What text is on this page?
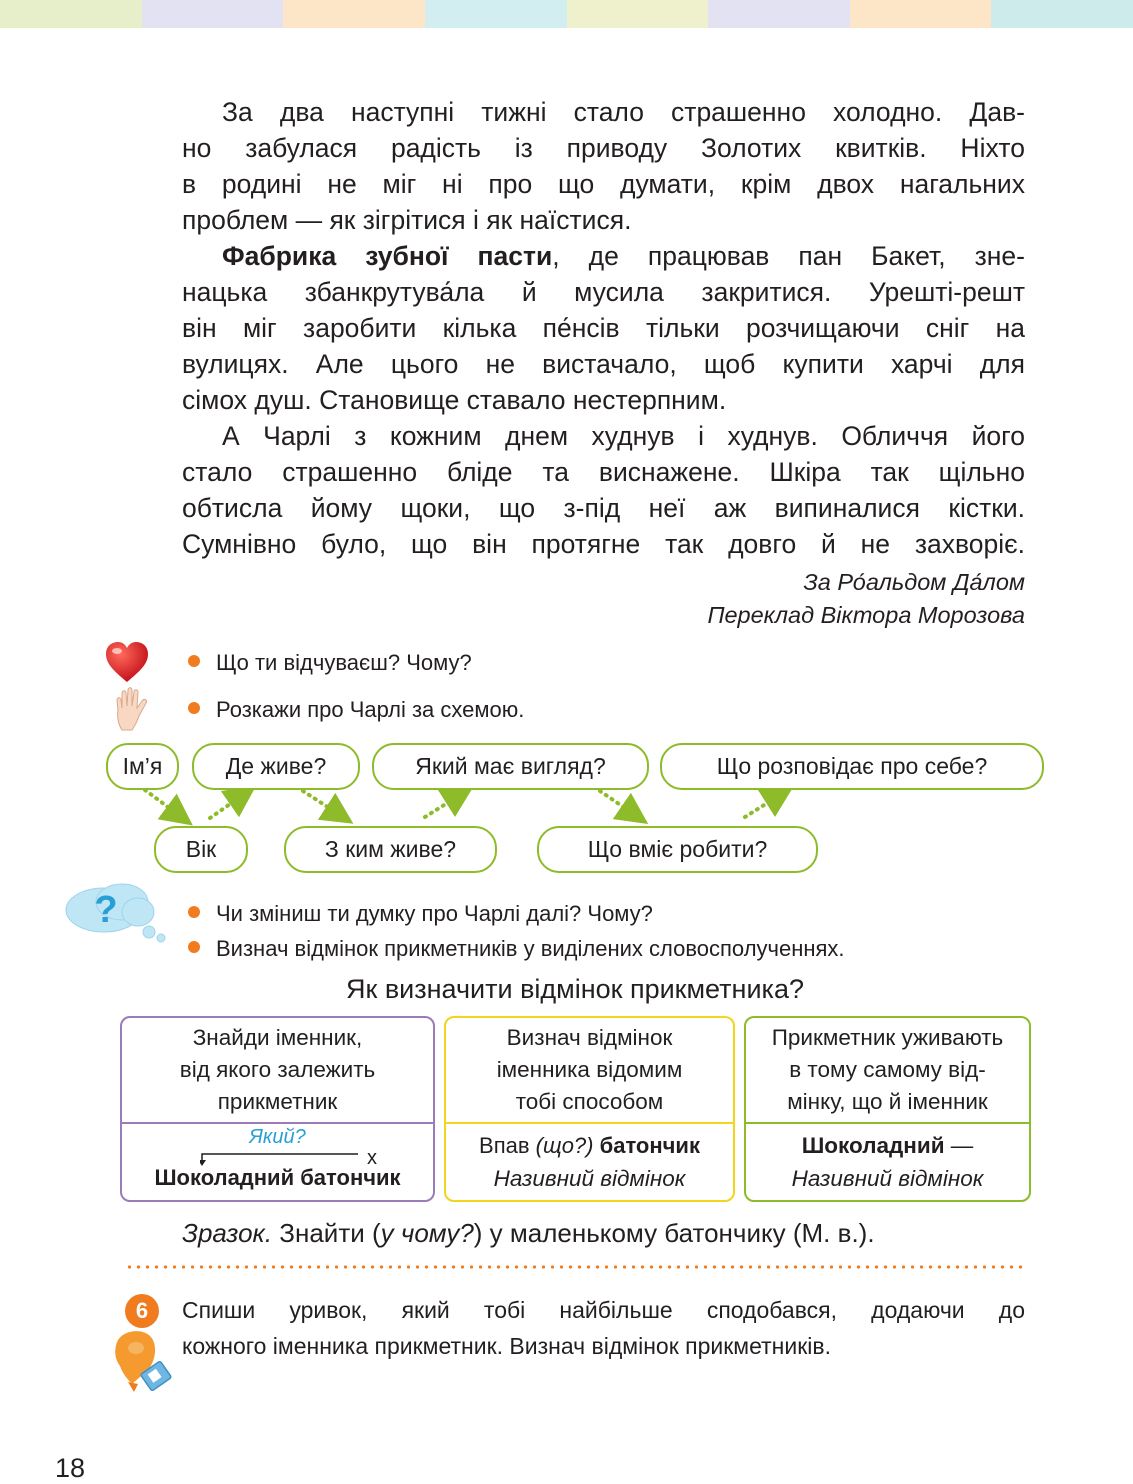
За два наступні тижні стало страшенно холодно. Дав-
но забулася радість із приводу Золотих квитків. Ніхто
в родині не міг ні про що думати, крім двох нагальних
проблем — як зігрітися і як наїстися.
Фабрика зубної пасти, де працював пан Бакет, зне-
нацька збанкрутува́ла й мусила закритися. Урешті-решт
він міг заробити кілька пе́нсів тільки розчищаючи сніг на
вулицях. Але цього не вистачало, щоб купити харчі для
сімох душ. Становище ставало нестерпним.
А Чарлі з кожним днем худнув і худнув. Обличчя його
стало страшенно бліде та виснажене. Шкіра так щільно
обтисла йому щоки, що з-під неї аж випиналися кістки.
Сумнівно було, що він протягне так довго й не захворіє.
За Ро́альдом Да́лом
Переклад Віктора Морозова
Що ти відчуваєш? Чому?
Розкажи про Чарлі за схемою.
Ім’я	Де живе?	Який має вигляд?	Що розповідає про себе?
Вік	З ким живе?	Що вміє робити?
?	Чи зміниш ти думку про Чарлі далі? Чому?
Визнач відмінок прикметників у виділених словосполученнях.
Як визначити відмінок прикметника?
Знайди іменник,
від якого залежить
прикметник
Який?
х
Шоколадний батончик
Визнач відмінок
іменника відомим
тобі способом
Впав (що?) батончик
Називний відмінок
Прикметник уживають
в тому самому від-
мінку, що й іменник
Шоколадний —
Називний відмінок
Зразок. Знайти (у чому?) у маленькому батончику (М. в.).
6	Спиши уривок, який тобі найбільше сподобався, додаючи до
кожного іменника прикметник. Визнач відмінок прикметників.
18
